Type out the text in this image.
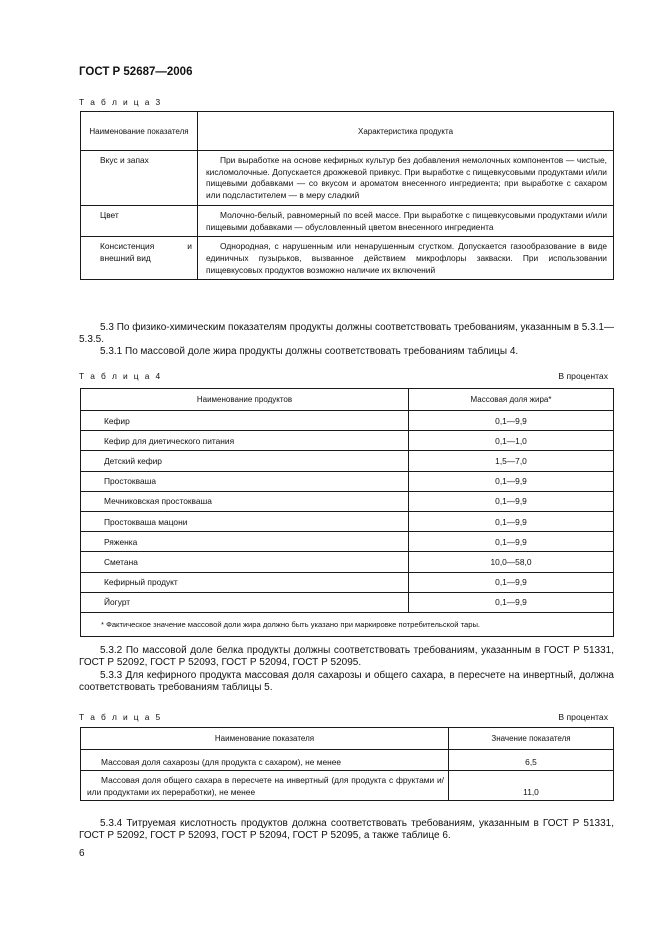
ГОСТ Р 52687—2006
Т а б л и ц а 3
Наименование показателя	Характеристика продукта
Вкус и запах	При выработке на основе кефирных культур без добавления немолочных компонентов — чистые, кисломолочные. Допускается дрожжевой привкус. При выработке с пищевкусовыми продуктами и/или пищевыми добавками — со вкусом и ароматом внесенного ингредиента; при выработке с сахаром или подсластителем — в меру сладкий
Цвет	Молочно-белый, равномерный по всей массе. При выработке с пищевкусовыми продуктами и/или пищевыми добавками — обусловленный цветом внесенного ингредиента
Консистенция и внешний вид	Однородная, с нарушенным или ненарушенным сгустком. Допускается газообразование в виде единичных пузырьков, вызванное действием микрофлоры закваски. При использовании пищевкусовых продуктов возможно наличие их включений
5.3 По физико-химическим показателям продукты должны соответствовать требованиям, указанным в 5.3.1—5.3.5.
5.3.1 По массовой доле жира продукты должны соответствовать требованиям таблицы 4.
Т а б л и ц а 4	В процентах
Наименование продуктов	Массовая доля жира*
Кефир	0,1—9,9
Кефир для диетического питания	0,1—1,0
Детский кефир	1,5—7,0
Простокваша	0,1—9,9
Мечниковская простокваша	0,1—9,9
Простокваша мацони	0,1—9,9
Ряженка	0,1—9,9
Сметана	10,0—58,0
Кефирный продукт	0,1—9,9
Йогурт	0,1—9,9
* Фактическое значение массовой доли жира должно быть указано при маркировке потребительской тары.	
5.3.2 По массовой доле белка продукты должны соответствовать требованиям, указанным в ГОСТ Р 51331, ГОСТ Р 52092, ГОСТ Р 52093, ГОСТ Р 52094, ГОСТ Р 52095.
5.3.3 Для кефирного продукта массовая доля сахарозы и общего сахара, в пересчете на инвертный, должна соответствовать требованиям таблицы 5.
Т а б л и ц а 5	В процентах
Наименование показателя	Значение показателя
Массовая доля сахарозы (для продукта с сахаром), не менее	6,5
Массовая доля общего сахара в пересчете на инвертный (для продукта с фруктами и/или продуктами их переработки), не менее	11,0
5.3.4 Титруемая кислотность продуктов должна соответствовать требованиям, указанным в ГОСТ Р 51331, ГОСТ Р 52092, ГОСТ Р 52093, ГОСТ Р 52094, ГОСТ Р 52095, а также таблице 6.
6
